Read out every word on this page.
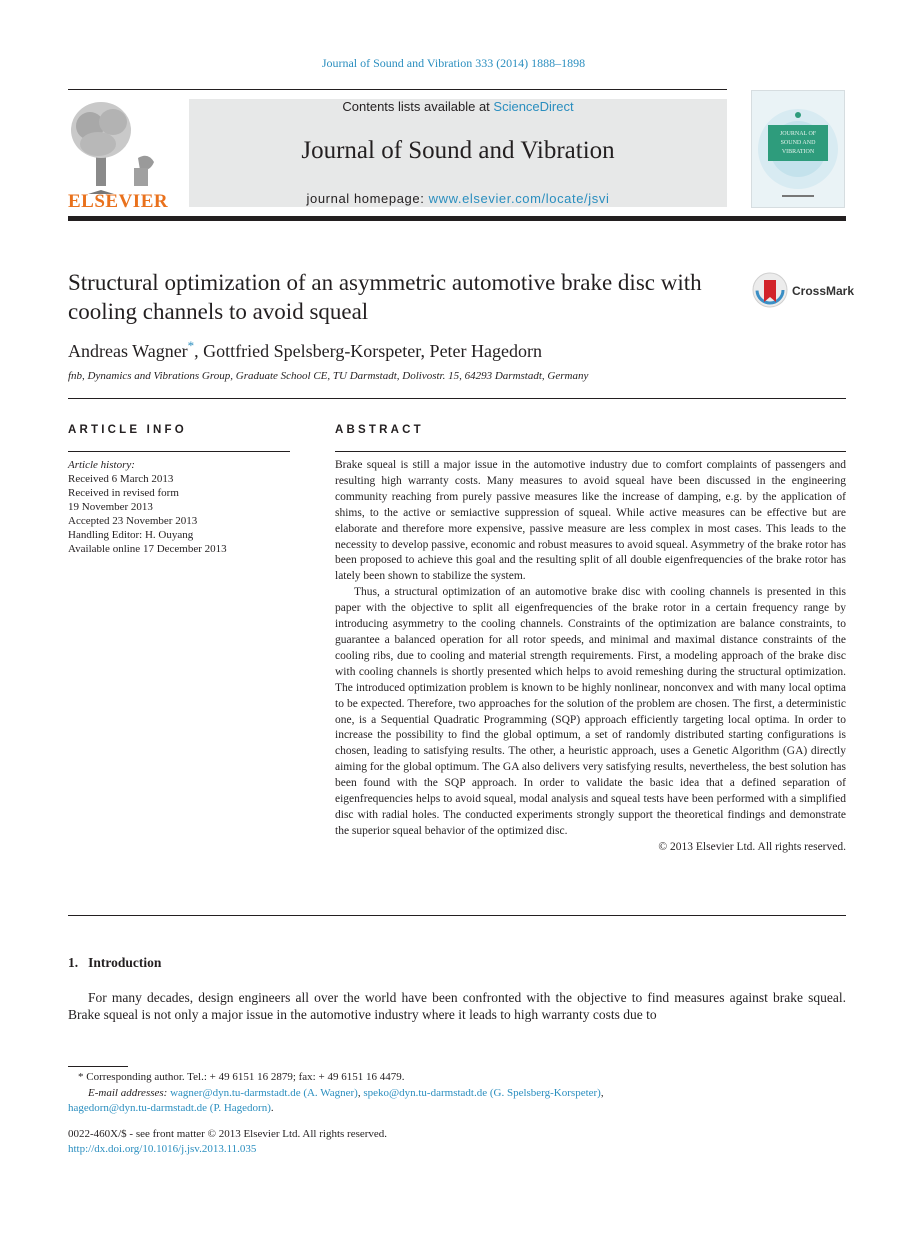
Journal of Sound and Vibration 333 (2014) 1888–1898
ELSEVIER
Contents lists available at ScienceDirect
Journal of Sound and Vibration
journal homepage: www.elsevier.com/locate/jsvi
JOURNAL OF
SOUND AND
VIBRATION
Structural optimization of an asymmetric automotive brake disc with cooling channels to avoid squeal
CrossMark
Andreas Wagner*, Gottfried Spelsberg-Korspeter, Peter Hagedorn
fnb, Dynamics and Vibrations Group, Graduate School CE, TU Darmstadt, Dolivostr. 15, 64293 Darmstadt, Germany
ARTICLE INFO
Article history:
Received 6 March 2013
Received in revised form
19 November 2013
Accepted 23 November 2013
Handling Editor: H. Ouyang
Available online 17 December 2013
ABSTRACT

Brake squeal is still a major issue in the automotive industry due to comfort complaints of passengers and resulting high warranty costs. Many measures to avoid squeal have been discussed in the engineering community reaching from purely passive measures like the increase of damping, e.g. by the application of shims, to the active or semiactive suppression of squeal. While active measures can be effective but are elaborate and therefore more expensive, passive measure are less complex in most cases. This leads to the necessity to develop passive, economic and robust measures to avoid squeal. Asymmetry of the brake rotor has been proposed to achieve this goal and the resulting split of all double eigenfrequencies of the brake rotor has lately been shown to stabilize the system.

Thus, a structural optimization of an automotive brake disc with cooling channels is presented in this paper with the objective to split all eigenfrequencies of the brake rotor in a certain frequency range by introducing asymmetry to the cooling channels. Constraints of the optimization are balance constraints, to guarantee a balanced operation for all rotor speeds, and minimal and maximal distance constraints of the cooling ribs, due to cooling and material strength requirements. First, a modeling approach of the brake disc with cooling channels is shortly presented which helps to avoid remeshing during the structural optimization. The introduced optimization problem is known to be highly nonlinear, nonconvex and with many local optima to be expected. Therefore, two approaches for the solution of the problem are chosen. The first, a deterministic one, is a Sequential Quadratic Programming (SQP) approach efficiently targeting local optima. In order to increase the possibility to find the global optimum, a set of randomly distributed starting configurations is chosen, leading to satisfying results. The other, a heuristic approach, uses a Genetic Algorithm (GA) directly aiming for the global optimum. The GA also delivers very satisfying results, nevertheless, the best solution has been found with the SQP approach. In order to validate the basic idea that a defined separation of eigenfrequencies helps to avoid squeal, modal analysis and squeal tests have been performed with a simplified disc with radial holes. The conducted experiments strongly support the theoretical findings and demonstrate the superior squeal behavior of the optimized disc.

© 2013 Elsevier Ltd. All rights reserved.

1. Introduction
For many decades, design engineers all over the world have been confronted with the objective to find measures against brake squeal. Brake squeal is not only a major issue in the automotive industry where it leads to high warranty costs due to
* Corresponding author. Tel.: + 49 6151 16 2879; fax: + 49 6151 16 4479.
E-mail addresses: wagner@dyn.tu-darmstadt.de (A. Wagner), speko@dyn.tu-darmstadt.de (G. Spelsberg-Korspeter),
hagedorn@dyn.tu-darmstadt.de (P. Hagedorn).
0022-460X/$ - see front matter © 2013 Elsevier Ltd. All rights reserved.
http://dx.doi.org/10.1016/j.jsv.2013.11.035
